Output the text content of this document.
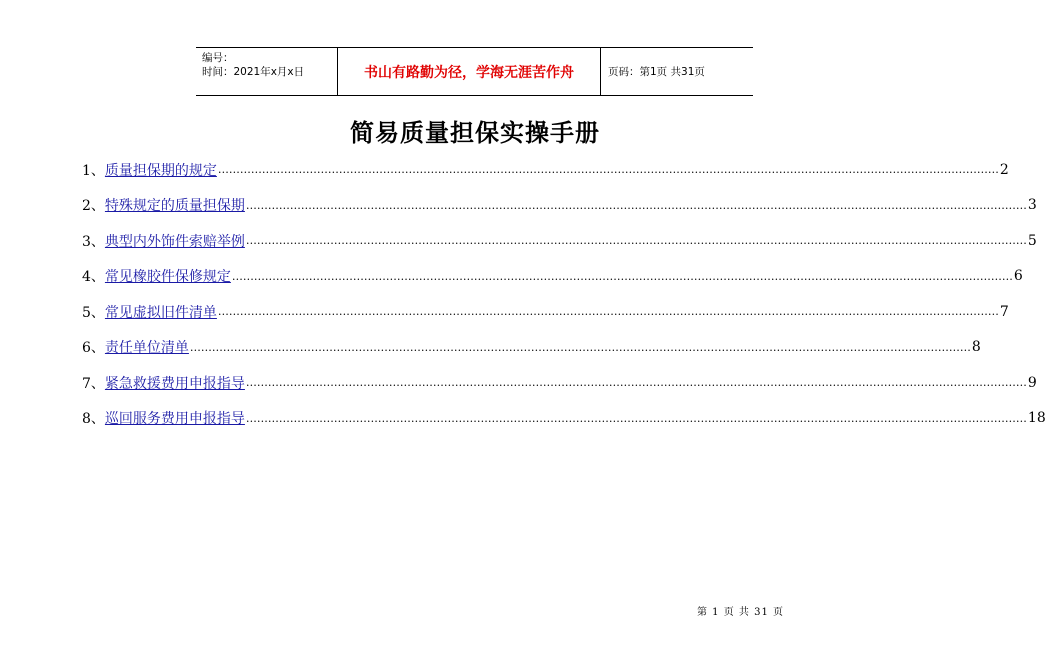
编号：
时间：2021年x月x日	书山有路勤为径，学海无涯苦作舟	页码：第1页 共31页
简易质量担保实操手册
1、 质量担保期的规定 …………………………………………………………………………………………………………………………………………………………………………………………… 2
2、 特殊规定的质量担保期 …………………………………………………………………………………………………………………………………………………………………………………………… 3
3、 典型内外饰件索赔举例 …………………………………………………………………………………………………………………………………………………………………………………………… 5
4、 常见橡胶件保修规定 …………………………………………………………………………………………………………………………………………………………………………………………… 6
5、 常见虚拟旧件清单 …………………………………………………………………………………………………………………………………………………………………………………………… 7
6、 责任单位清单 …………………………………………………………………………………………………………………………………………………………………………………………… 8
7、 紧急救援费用申报指导 …………………………………………………………………………………………………………………………………………………………………………………………… 9
8、 巡回服务费用申报指导 …………………………………………………………………………………………………………………………………………………………………………………………… 18
第 1 页 共 31 页
